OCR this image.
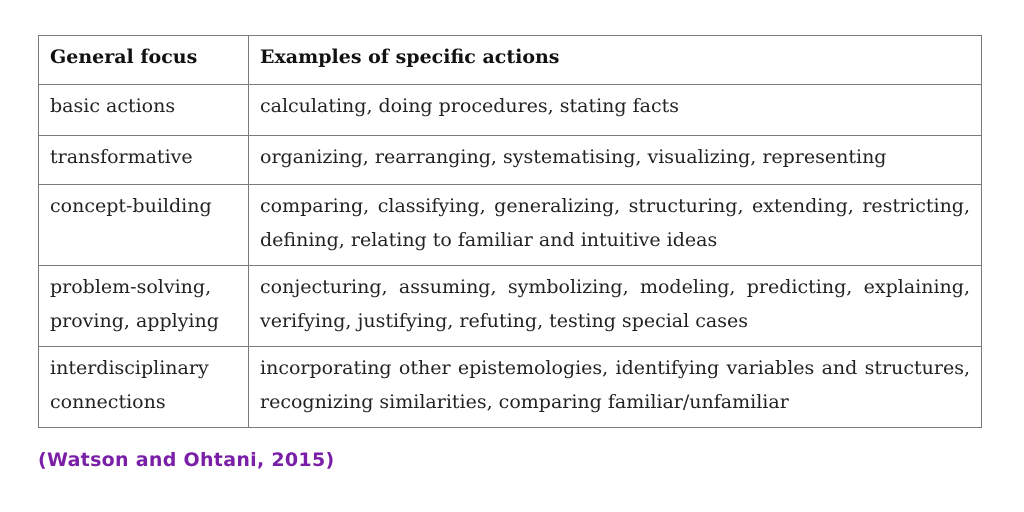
General focus	Examples of specific actions
basic actions	calculating, doing procedures, stating facts
transformative	organizing, rearranging, systematising, visualizing, representing
concept-building	comparing, classifying, generalizing, structuring, extending, restricting, defining, relating to familiar and intuitive ideas
problem-solving,
proving, applying	conjecturing, assuming, symbolizing, modeling, predicting, explaining, verifying, justifying, refuting, testing special cases
interdisciplinary
connections	incorporating other epistemologies, identifying variables and structures, recognizing similarities, comparing familiar/unfamiliar
(Watson and Ohtani, 2015)
